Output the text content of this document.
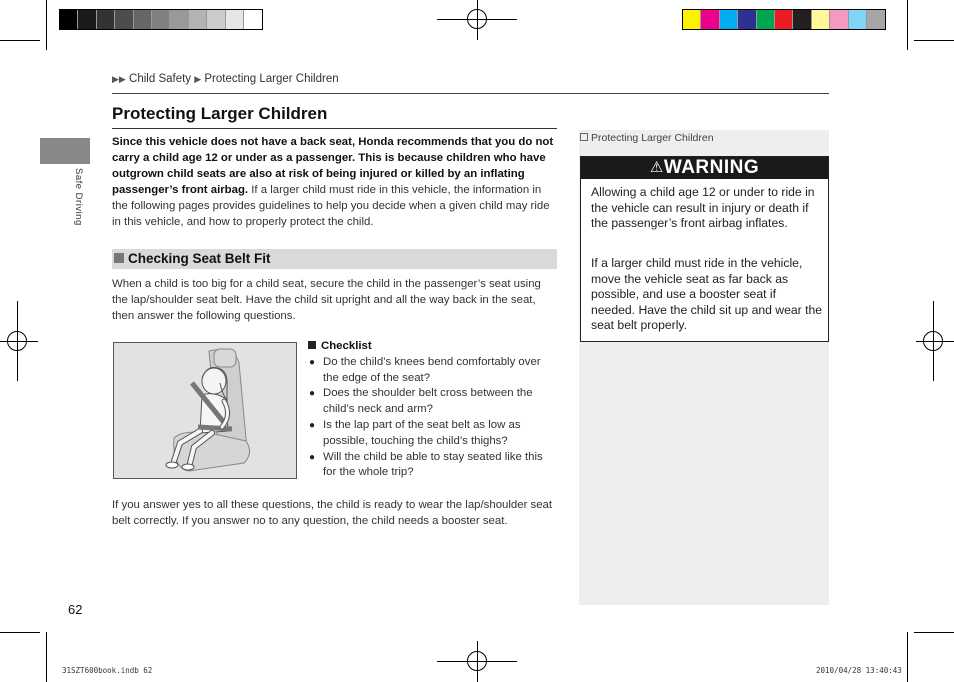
▶▶ Child Safety ▶ Protecting Larger Children
Safe Driving
Protecting Larger Children
Since this vehicle does not have a back seat, Honda recommends that you do not carry a child age 12 or under as a passenger. This is because children who have outgrown child seats are also at risk of being injured or killed by an inflating passenger’s front airbag. If a larger child must ride in this vehicle, the information in the following pages provides guidelines to help you decide when a given child may ride in this vehicle, and how to properly protect the child.
Checking Seat Belt Fit
When a child is too big for a child seat, secure the child in the passenger’s seat using the lap/shoulder seat belt. Have the child sit upright and all the way back in the seat, then answer the following questions.
Checklist
● Do the child’s knees bend comfortably over the edge of the seat?
● Does the shoulder belt cross between the child’s neck and arm?
● Is the lap part of the seat belt as low as possible, touching the child’s thighs?
● Will the child be able to stay seated like this for the whole trip?
If you answer yes to all these questions, the child is ready to wear the lap/shoulder seat belt correctly. If you answer no to any question, the child needs a booster seat.
Protecting Larger Children
⚠WARNING
Allowing a child age 12 or under to ride in the vehicle can result in injury or death if the passenger’s front airbag inflates.
If a larger child must ride in the vehicle, move the vehicle seat as far back as possible, and use a booster seat if needed. Have the child sit up and wear the seat belt properly.
62
31SZT600book.indb 62	2010/04/28 13:40:43
